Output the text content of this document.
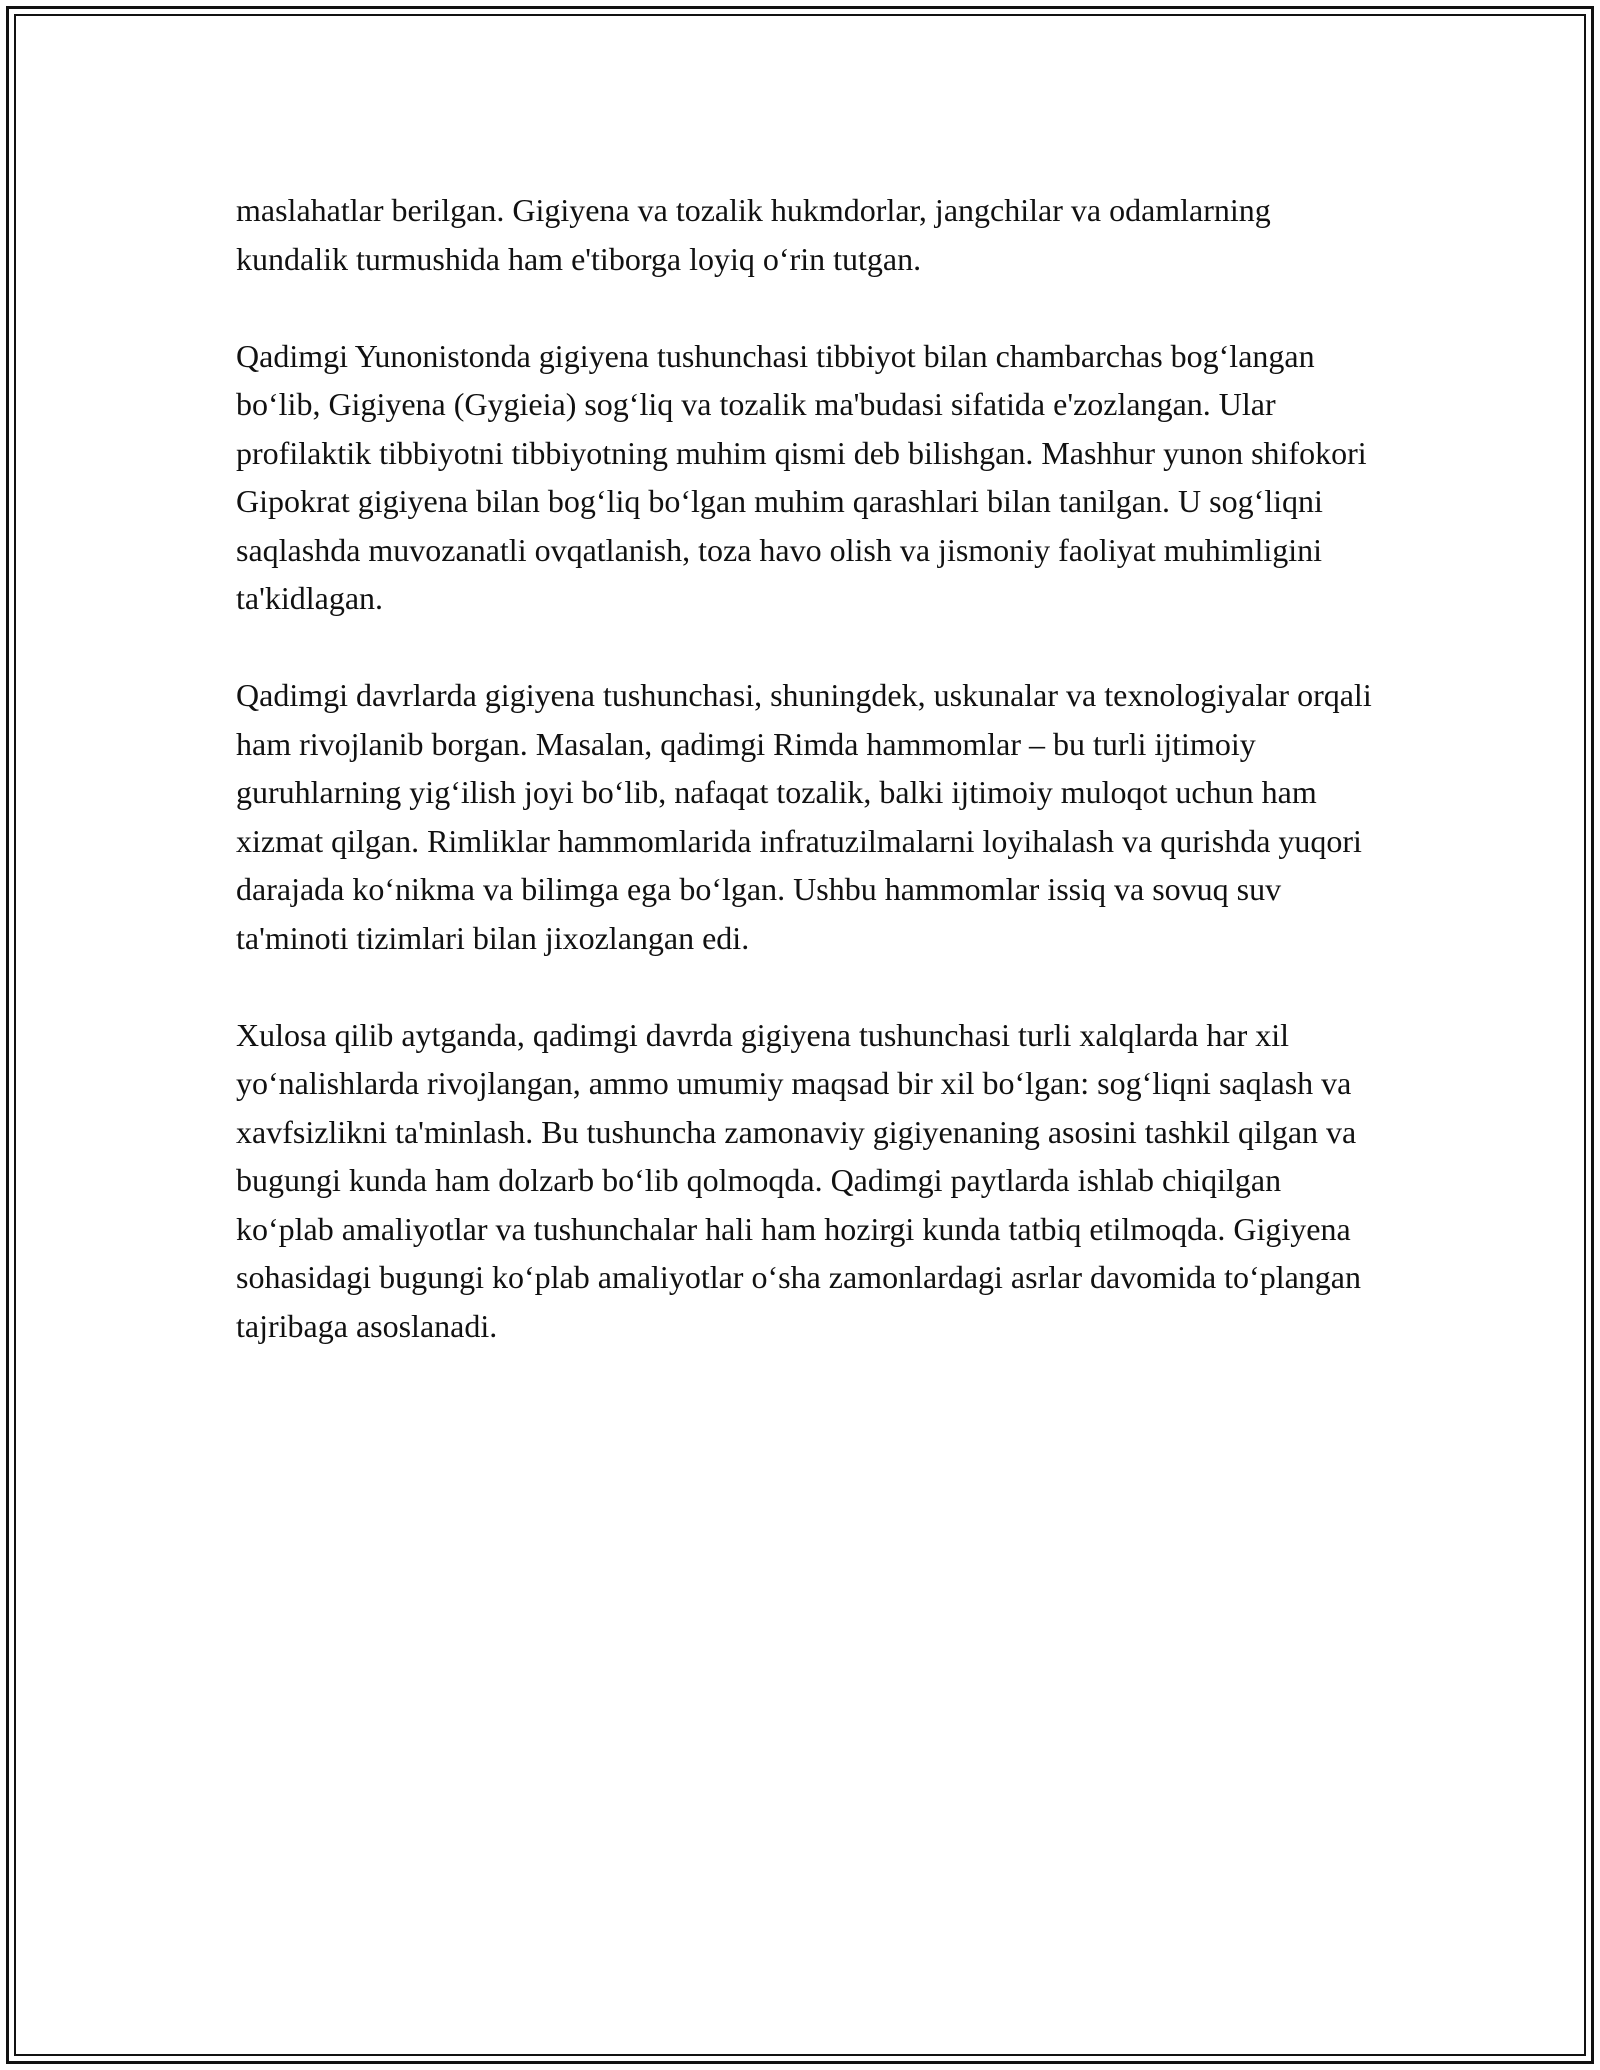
maslahatlar berilgan. Gigiyena va tozalik hukmdorlar, jangchilar va odamlarning kundalik turmushida ham e'tiborga loyiq o‘rin tutgan.

Qadimgi Yunonistonda gigiyena tushunchasi tibbiyot bilan chambarchas bog‘langan bo‘lib, Gigiyena (Gygieia) sog‘liq va tozalik ma'budasi sifatida e'zozlangan. Ular profilaktik tibbiyotni tibbiyotning muhim qismi deb bilishgan. Mashhur yunon shifokori Gipokrat gigiyena bilan bog‘liq bo‘lgan muhim qarashlari bilan tanilgan. U sog‘liqni saqlashda muvozanatli ovqatlanish, toza havo olish va jismoniy faoliyat muhimligini ta'kidlagan.

Qadimgi davrlarda gigiyena tushunchasi, shuningdek, uskunalar va texnologiyalar orqali ham rivojlanib borgan. Masalan, qadimgi Rimda hammomlar – bu turli ijtimoiy guruhlarning yig‘ilish joyi bo‘lib, nafaqat tozalik, balki ijtimoiy muloqot uchun ham xizmat qilgan. Rimliklar hammomlarida infratuzilmalarni loyihalash va qurishda yuqori darajada ko‘nikma va bilimga ega bo‘lgan. Ushbu hammomlar issiq va sovuq suv ta'minoti tizimlari bilan jixozlangan edi.

Xulosa qilib aytganda, qadimgi davrda gigiyena tushunchasi turli xalqlarda har xil yo‘nalishlarda rivojlangan, ammo umumiy maqsad bir xil bo‘lgan: sog‘liqni saqlash va xavfsizlikni ta'minlash. Bu tushuncha zamonaviy gigiyenaning asosini tashkil qilgan va bugungi kunda ham dolzarb bo‘lib qolmoqda. Qadimgi paytlarda ishlab chiqilgan ko‘plab amaliyotlar va tushunchalar hali ham hozirgi kunda tatbiq etilmoqda. Gigiyena sohasidagi bugungi ko‘plab amaliyotlar o‘sha zamonlardagi asrlar davomida to‘plangan tajribaga asoslanadi.
